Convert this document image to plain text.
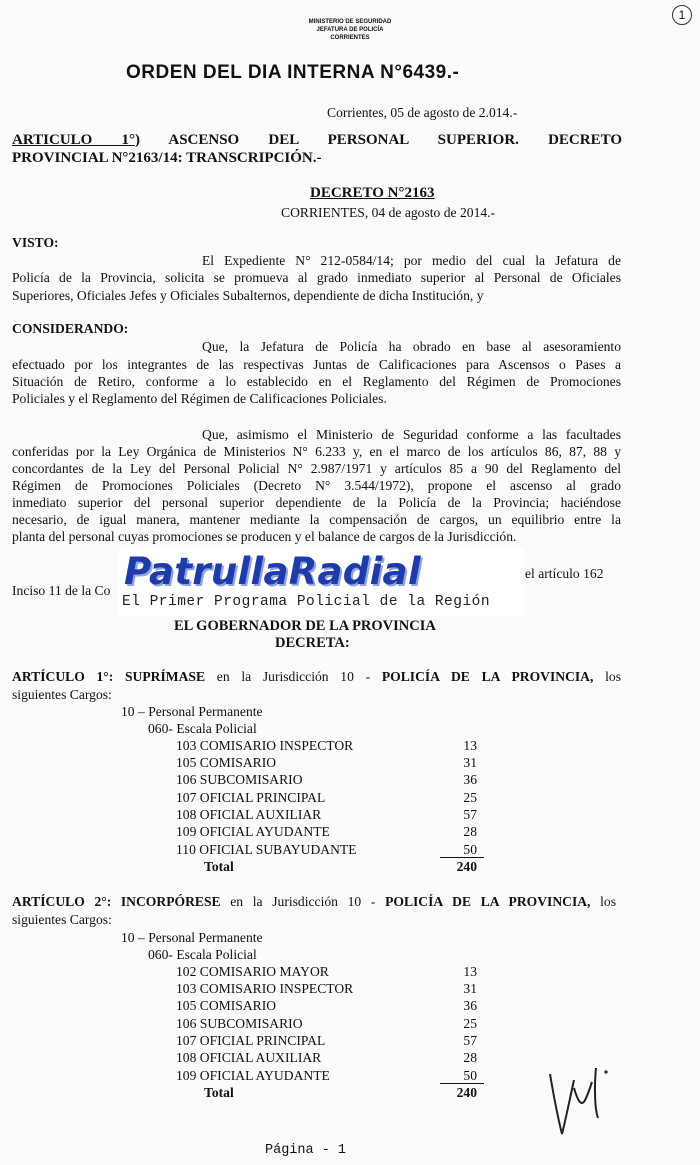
1
MINISTERIO DE SEGURIDAD
JEFATURA DE POLICÍA
CORRIENTES
ORDEN DEL DIA INTERNA N°6439.-
Corrientes, 05 de agosto de 2.014.-
ARTICULO 1°) ASCENSO DEL PERSONAL SUPERIOR. DECRETO
PROVINCIAL N°2163/14: TRANSCRIPCIÓN.-
DECRETO N°2163
CORRIENTES, 04 de agosto de 2014.-
VISTO:
El Expediente N° 212-0584/14; por medio del cual la Jefatura de
Policía de la Provincia, solicita se promueva al grado inmediato superior al Personal de Oficiales
Superiores, Oficiales Jefes y Oficiales Subalternos, dependiente de dicha Institución, y
CONSIDERANDO:
Que, la Jefatura de Policía ha obrado en base al asesoramiento
efectuado por los integrantes de las respectivas Juntas de Calificaciones para Ascensos o Pases a
Situación de Retiro, conforme a lo establecido en el Reglamento del Régimen de Promociones
Policiales y el Reglamento del Régimen de Calificaciones Policiales.
Que, asimismo el Ministerio de Seguridad conforme a las facultades
conferidas por la Ley Orgánica de Ministerios N° 6.233 y, en el marco de los artículos 86, 87, 88 y
concordantes de la Ley del Personal Policial N° 2.987/1971 y artículos 85 a 90 del Reglamento del
Régimen de Promociones Policiales (Decreto N° 3.544/1972), propone el ascenso al grado
inmediato superior del personal superior dependiente de la Policía de la Provincia; haciéndose
necesario, de igual manera, mantener mediante la compensación de cargos, un equilibrio entre la
planta del personal cuyas promociones se producen y el balance de cargos de la Jurisdicción.
el artículo 162
Inciso 11 de la Co PatrullaRadial
El Primer Programa Policial de la Región
EL GOBERNADOR DE LA PROVINCIA
DECRETA:
ARTÍCULO 1°: SUPRÍMASE en la Jurisdicción 10 - POLICÍA DE LA PROVINCIA, los
siguientes Cargos:
10 – Personal Permanente
060- Escala Policial
103 COMISARIO INSPECTOR	13
105 COMISARIO	31
106 SUBCOMISARIO	36
107 OFICIAL PRINCIPAL	25
108 OFICIAL AUXILIAR	57
109 OFICIAL AYUDANTE	28
110 OFICIAL SUBAYUDANTE	50
Total	240
ARTÍCULO 2°: INCORPÓRESE en la Jurisdicción 10 - POLICÍA DE LA PROVINCIA, los
siguientes Cargos:
10 – Personal Permanente
060- Escala Policial
102 COMISARIO MAYOR	13
103 COMISARIO INSPECTOR	31
105 COMISARIO	36
106 SUBCOMISARIO	25
107 OFICIAL PRINCIPAL	57
108 OFICIAL AUXILIAR	28
109 OFICIAL AYUDANTE	50
Total	240
Página - 1
